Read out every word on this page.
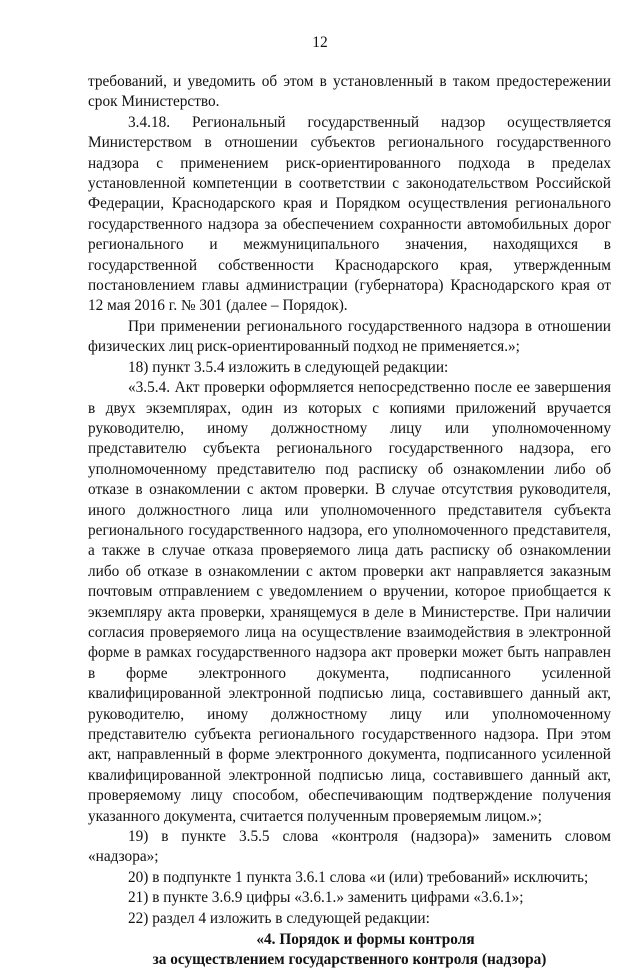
12

требований, и уведомить об этом в установленный в таком предостережении срок Министерство.

3.4.18. Региональный государственный надзор осуществляется Министерством в отношении субъектов регионального государственного надзора с применением риск-ориентированного подхода в пределах установленной компетенции в соответствии с законодательством Российской Федерации, Краснодарского края и Порядком осуществления регионального государственного надзора за обеспечением сохранности автомобильных дорог регионального и межмуниципального значения, находящихся в государственной собственности Краснодарского края, утвержденным постановлением главы администрации (губернатора) Краснодарского края от 12 мая 2016 г. № 301 (далее – Порядок).

При применении регионального государственного надзора в отношении физических лиц риск-ориентированный подход не применяется.»;

18) пункт 3.5.4 изложить в следующей редакции:

«3.5.4. Акт проверки оформляется непосредственно после ее завершения в двух экземплярах, один из которых с копиями приложений вручается руководителю, иному должностному лицу или уполномоченному представителю субъекта регионального государственного надзора, его уполномоченному представителю под расписку об ознакомлении либо об отказе в ознакомлении с актом проверки. В случае отсутствия руководителя, иного должностного лица или уполномоченного представителя субъекта регионального государственного надзора, его уполномоченного представителя, а также в случае отказа проверяемого лица дать расписку об ознакомлении либо об отказе в ознакомлении с актом проверки акт направляется заказным почтовым отправлением с уведомлением о вручении, которое приобщается к экземпляру акта проверки, хранящемуся в деле в Министерстве. При наличии согласия проверяемого лица на осуществление взаимодействия в электронной форме в рамках государственного надзора акт проверки может быть направлен в форме электронного документа, подписанного усиленной квалифицированной электронной подписью лица, составившего данный акт, руководителю, иному должностному лицу или уполномоченному представителю субъекта регионального государственного надзора. При этом акт, направленный в форме электронного документа, подписанного усиленной квалифицированной электронной подписью лица, составившего данный акт, проверяемому лицу способом, обеспечивающим подтверждение получения указанного документа, считается полученным проверяемым лицом.»;

19) в пункте 3.5.5 слова «контроля (надзора)» заменить словом «надзора»;

20) в подпункте 1 пункта 3.6.1 слова «и (или) требований» исключить;

21) в пункте 3.6.9 цифры «3.6.1.» заменить цифрами «3.6.1»;

22) раздел 4 изложить в следующей редакции:

«4. Порядок и формы контроля

за осуществлением государственного контроля (надзора)
